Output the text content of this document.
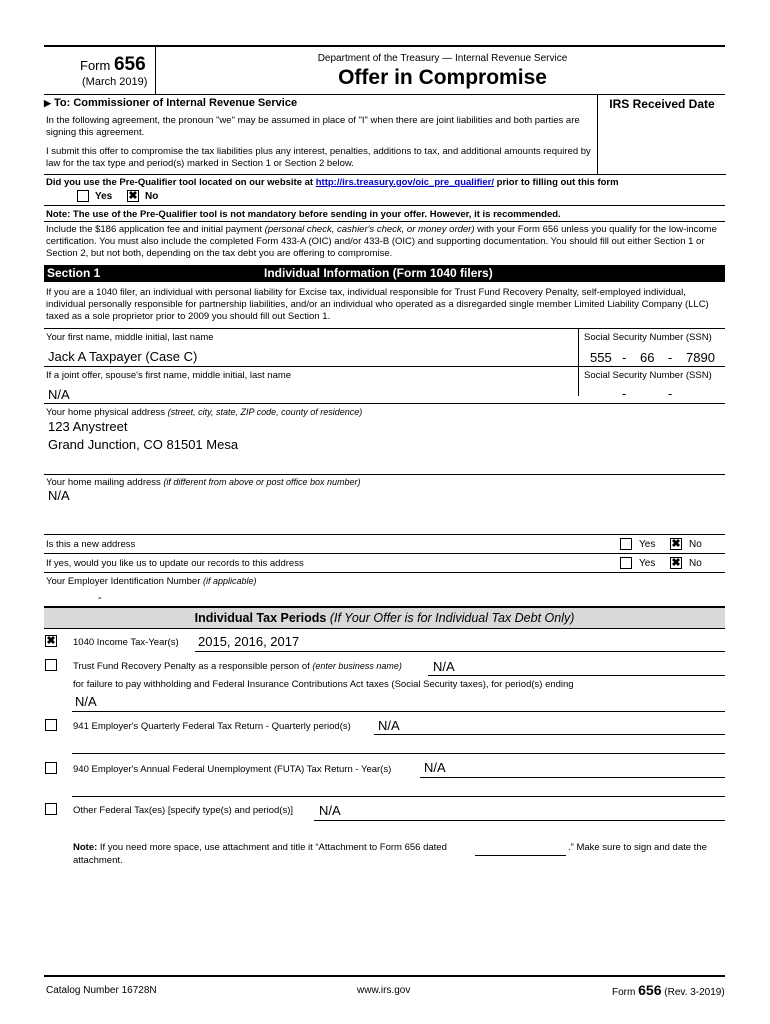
Form 656
(March 2019)
Department of the Treasury — Internal Revenue Service
Offer in Compromise
▶ To: Commissioner of Internal Revenue Service	IRS Received Date
In the following agreement, the pronoun "we" may be assumed in place of "I" when there are joint liabilities and both parties are signing this agreement.
I submit this offer to compromise the tax liabilities plus any interest, penalties, additions to tax, and additional amounts required by law for the tax type and period(s) marked in Section 1 or Section 2 below.
Did you use the Pre-Qualifier tool located on our website at http://irs.treasury.gov/oic_pre_qualifier/ prior to filling out this form
Yes ✖ No
Note: The use of the Pre-Qualifier tool is not mandatory before sending in your offer. However, it is recommended.
Include the $186 application fee and initial payment (personal check, cashier's check, or money order) with your Form 656 unless you qualify for the low-income certification. You must also include the completed Form 433-A (OIC) and/or 433-B (OIC) and supporting documentation. You should fill out either Section 1 or Section 2, but not both, depending on the tax debt you are offering to compromise.
Section 1	Individual Information (Form 1040 filers)
If you are a 1040 filer, an individual with personal liability for Excise tax, individual responsible for Trust Fund Recovery Penalty, self-employed individual, individual personally responsible for partnership liabilities, and/or an individual who operated as a disregarded single member Limited Liability Company (LLC) taxed as a sole proprietor prior to 2009 you should fill out Section 1.
Your first name, middle initial, last name	Social Security Number (SSN)
Jack A Taxpayer (Case C)	555 - 66 - 7890
If a joint offer, spouse's first name, middle initial, last name	Social Security Number (SSN)
N/A	-	-
Your home physical address (street, city, state, ZIP code, county of residence)
123 Anystreet
Grand Junction, CO 81501 Mesa
Your home mailing address (if different from above or post office box number)
N/A
Is this a new address	Yes ✖ No
If yes, would you like us to update our records to this address	Yes ✖ No
Your Employer Identification Number (if applicable)
-
Individual Tax Periods (If Your Offer is for Individual Tax Debt Only)
✖ 1040 Income Tax-Year(s) 2015, 2016, 2017
Trust Fund Recovery Penalty as a responsible person of (enter business name) N/A
for failure to pay withholding and Federal Insurance Contributions Act taxes (Social Security taxes), for period(s) ending
N/A
941 Employer's Quarterly Federal Tax Return - Quarterly period(s) N/A
940 Employer's Annual Federal Unemployment (FUTA) Tax Return - Year(s)	N/A
Other Federal Tax(es) [specify type(s) and period(s)] N/A
Note: If you need more space, use attachment and title it “Attachment to Form 656 dated	.” Make sure to sign and date the
attachment.
Catalog Number 16728N	www.irs.gov	Form 656 (Rev. 3-2019)
